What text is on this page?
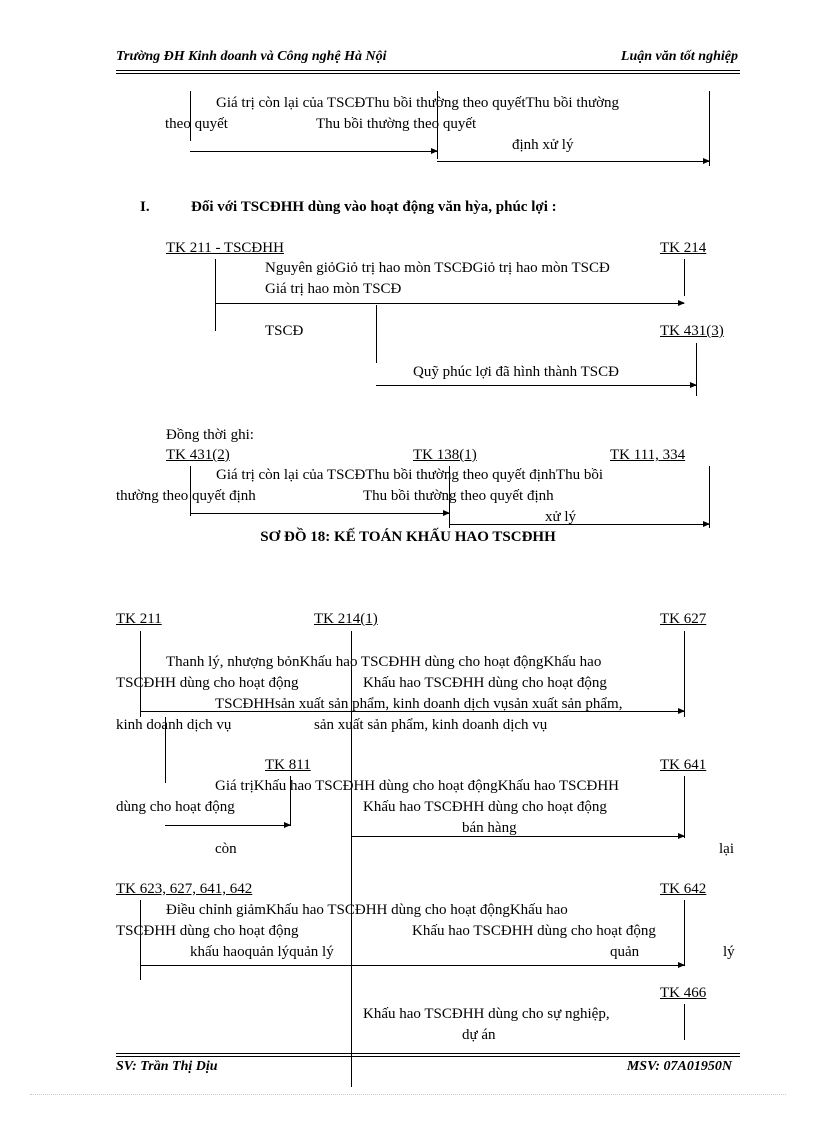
Trường ĐH Kinh doanh và Công nghệ Hà Nội	Luận văn tốt nghiệp
Giá trị còn lại của TSCĐThu bồi thường theo quyếtThu bồi thường
theo quyết	Thu bồi thường theo quyết
định xử lý
I.	Đối với TSCĐHH dùng vào hoạt động văn hỳa, phúc lợi :
TK 211 - TSCĐHH	TK 214
Nguyên giỏGiỏ trị hao mòn TSCĐGiỏ trị hao mòn TSCĐ
Giá trị hao mòn TSCĐ
TSCĐ	TK 431(3)
Quỹ phúc lợi đã hình thành TSCĐ
Đồng thời ghi:
TK 431(2)	TK 138(1)	TK 111, 334
Giá trị còn lại của TSCĐThu bồi thường theo quyết địnhThu bồi
thường theo quyết định	Thu bồi thường theo quyết định
xử lý
SƠ ĐỒ 18: KẾ TOÁN KHẤU HAO TSCĐHH
TK 211	TK 214(1)	TK 627
Thanh lý, nhượng bỏnKhấu hao TSCĐHH dùng cho hoạt độngKhấu hao
TSCĐHH dùng cho hoạt động	Khấu hao TSCĐHH dùng cho hoạt động
TSCĐHHsản xuất sản phẩm, kinh doanh dịch vụsản xuất sản phẩm,
kinh doanh dịch vụ	sản xuất sản phẩm, kinh doanh dịch vụ
TK 811	TK 641
Giá trịKhấu hao TSCĐHH dùng cho hoạt độngKhấu hao TSCĐHH
dùng cho hoạt động	Khấu hao TSCĐHH dùng cho hoạt động
bán hàng
còn	lại
TK 623, 627, 641, 642	TK 642
Điều chỉnh giảmKhấu hao TSCĐHH dùng cho hoạt độngKhấu hao
TSCĐHH dùng cho hoạt động	Khấu hao TSCĐHH dùng cho hoạt động
khấu haoquản lýquản lý	quản	lý
TK 466
Khấu hao TSCĐHH dùng cho sự nghiệp,
dự án
SV: Trần Thị Dịu	MSV: 07A01950N
